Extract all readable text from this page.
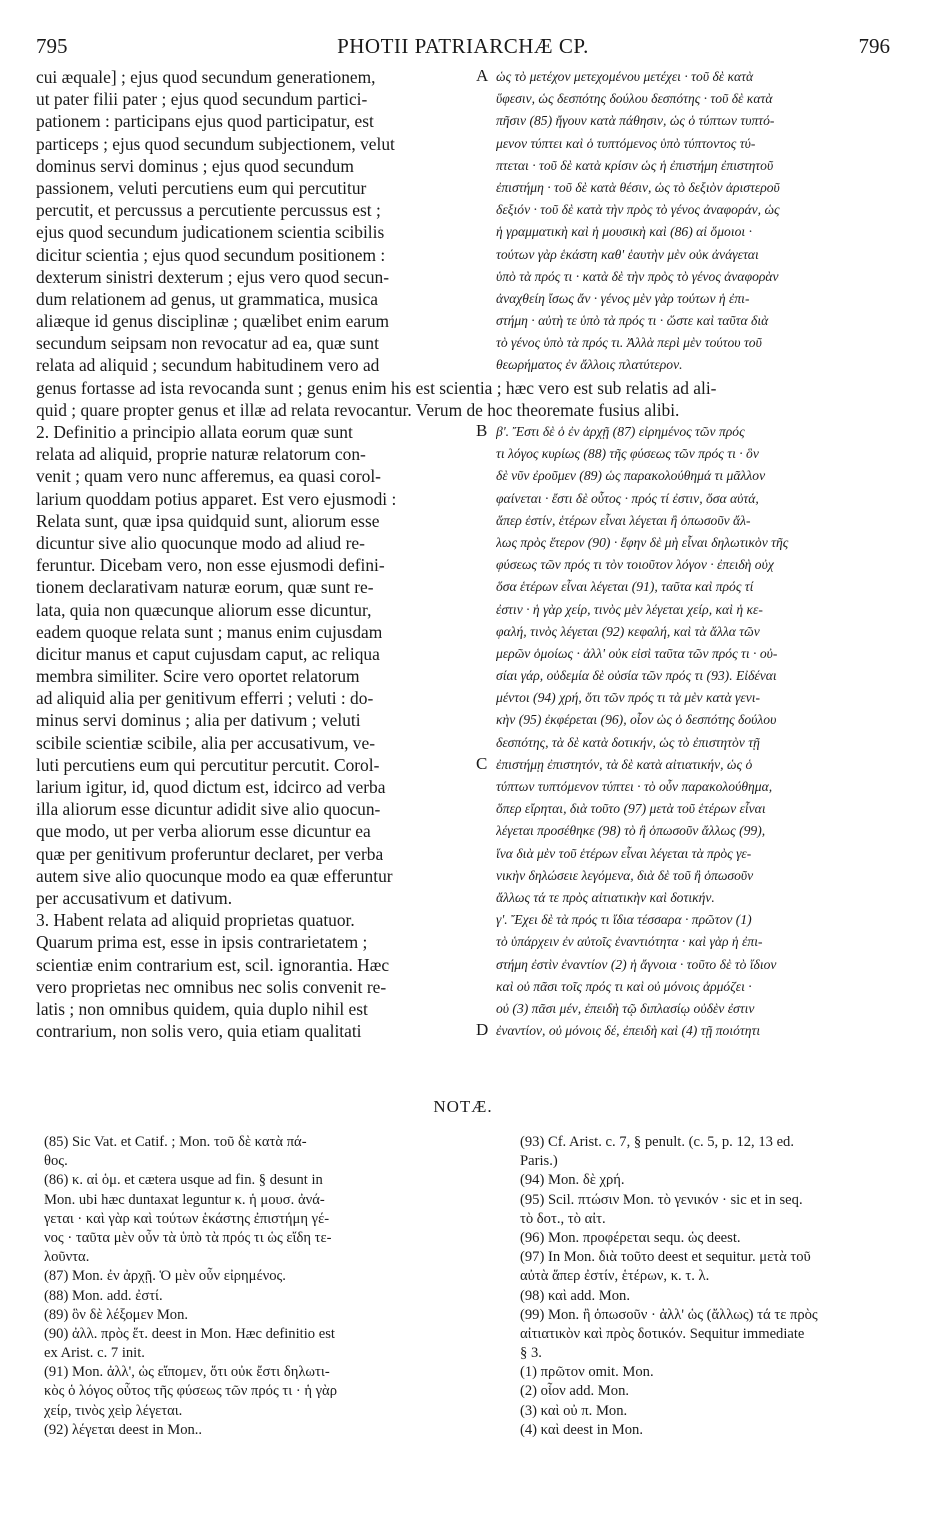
795	PHOTII PATRIARCHÆ CP.	796
cui æquale] ; ejus quod secundum generationem,
ut pater filii pater ; ejus quod secundum partici-
pationem : participans ejus quod participatur, est
particeps ; ejus quod secundum subjectionem, velut
dominus servi dominus ; ejus quod secundum
passionem, veluti percutiens eum qui percutitur
percutit, et percussus a percutiente percussus est ;
ejus quod secundum judicationem scientia scibilis
dicitur scientia ; ejus quod secundum positionem :
dexterum sinistri dexterum ; ejus vero quod secun-
dum relationem ad genus, ut grammatica, musica
aliæque id genus disciplinæ ; quælibet enim earum
secundum seipsam non revocatur ad ea, quæ sunt
relata ad aliquid ; secundum habitudinem vero ad
ὡς τὸ μετέχον μετεχομένου μετέχει · τοῦ δὲ κατὰ
ὕφεσιν, ὡς δεσπότης δούλου δεσπότης · τοῦ δὲ κατὰ
πῆσιν (85) ἤγουν κατὰ πάθησιν, ὡς ὁ τύπτων τυπτό-
μενον τύπτει καὶ ὁ τυπτόμενος ὑπὸ τύπτοντος τύ-
πτεται · τοῦ δὲ κατὰ κρίσιν ὡς ἡ ἐπιστήμη ἐπιστητοῦ
ἐπιστήμη · τοῦ δὲ κατὰ θέσιν, ὡς τὸ δεξιὸν ἀριστεροῦ
δεξιόν · τοῦ δὲ κατὰ τὴν πρὸς τὸ γένος ἀναφοράν, ὡς
ἡ γραμματικὴ καὶ ἡ μουσικὴ καὶ (86) αἱ ὅμοιοι ·
τούτων γὰρ ἑκάστη καθ' ἑαυτὴν μὲν οὐκ ἀνάγεται
ὑπὸ τὰ πρός τι · κατὰ δὲ τὴν πρὸς τὸ γένος ἀναφορὰν
ἀναχθείη ἴσως ἄν · γένος μὲν γὰρ τούτων ἡ ἐπι-
στήμη · αὐτὴ τε ὑπὸ τὰ πρός τι · ὥστε καὶ ταῦτα διὰ
τὸ γένος ὑπὸ τὰ πρός τι. Ἀλλὰ περὶ μὲν τούτου τοῦ
θεωρήματος ἐν ἄλλοις πλατύτερον.
genus fortasse ad ista revocanda sunt ; genus enim his est scientia ; hæc vero est sub relatis ad ali-
quid ; quare propter genus et illæ ad relata revocantur. Verum de hoc theoremate fusius alibi.
2. Definitio a principio allata eorum quæ sunt
relata ad aliquid, proprie naturæ relatorum con-
venit ; quam vero nunc afferemus, ea quasi corol-
larium quoddam potius apparet. Est vero ejusmodi :
Relata sunt, quæ ipsa quidquid sunt, aliorum esse
dicuntur sive alio quocunque modo ad aliud re-
feruntur. Dicebam vero, non esse ejusmodi defini-
tionem declarativam naturæ eorum, quæ sunt re-
lata, quia non quæcunque aliorum esse dicuntur,
eadem quoque relata sunt ; manus enim cujusdam
dicitur manus et caput cujusdam caput, ac reliqua
membra similiter. Scire vero oportet relatorum
ad aliquid alia per genitivum efferri ; veluti : do-
minus servi dominus ; alia per dativum ; veluti
scibile scientiæ scibile, alia per accusativum, ve-
luti percutiens eum qui percutitur percutit. Corol-
larium igitur, id, quod dictum est, idcirco ad verba
illa aliorum esse dicuntur adidit sive alio quocun-
que modo, ut per verba aliorum esse dicuntur ea
quæ per genitivum proferuntur declaret, per verba
autem sive alio quocunque modo ea quæ efferuntur
per accusativum et dativum.
3. Habent relata ad aliquid proprietas quatuor.
Quarum prima est, esse in ipsis contrarietatem ;
scientiæ enim contrarium est, scil. ignorantia. Hæc
vero proprietas nec omnibus nec solis convenit re-
latis ; non omnibus quidem, quia duplo nihil est
contrarium, non solis vero, quia etiam qualitati
β'. Ἔστι δὲ ὁ ἐν ἀρχῇ (87) εἰρημένος τῶν πρός
τι λόγος κυρίως (88) τῆς φύσεως τῶν πρός τι · ὃν
δὲ νῦν ἐροῦμεν (89) ὡς παρακολούθημά τι μᾶλλον
φαίνεται · ἔστι δὲ οὗτος · πρός τί ἐστιν, ὅσα αὐτά,
ἅπερ ἐστίν, ἑτέρων εἶναι λέγεται ἢ ὁπωσοῦν ἄλ-
λως πρὸς ἕτερον (90) · ἔφην δὲ μὴ εἶναι δηλωτικὸν τῆς
φύσεως τῶν πρός τι τὸν τοιοῦτον λόγον · ἐπειδὴ οὐχ
ὅσα ἑτέρων εἶναι λέγεται (91), ταῦτα καὶ πρός τί
ἐστιν · ἡ γὰρ χείρ, τινὸς μὲν λέγεται χείρ, καὶ ἡ κε-
φαλή, τινὸς λέγεται (92) κεφαλή, καὶ τὰ ἄλλα τῶν
μερῶν ὁμοίως · ἀλλ' οὐκ εἰσὶ ταῦτα τῶν πρός τι · οὐ-
σίαι γάρ, οὐδεμία δὲ οὐσία τῶν πρός τι (93). Εἰδέναι
μέντοι (94) χρή, ὅτι τῶν πρός τι τὰ μὲν κατὰ γενι-
κὴν (95) ἐκφέρεται (96), οἷον ὡς ὁ δεσπότης δούλου
δεσπότης, τὰ δὲ κατὰ δοτικήν, ὡς τὸ ἐπιστητὸν τῇ
ἐπιστήμῃ ἐπιστητόν, τὰ δὲ κατὰ αἰτιατικήν, ὡς ὁ
τύπτων τυπτόμενον τύπτει · τὸ οὖν παρακολούθημα,
ὅπερ εἴρηται, διὰ τοῦτο (97) μετὰ τοῦ ἑτέρων εἶναι
λέγεται προσέθηκε (98) τὸ ἢ ὁπωσοῦν ἄλλως (99),
ἵνα διὰ μὲν τοῦ ἑτέρων εἶναι λέγεται τὰ πρὸς γε-
νικὴν δηλώσειε λεγόμενα, διὰ δὲ τοῦ ἢ ὁπωσοῦν
ἄλλως τά τε πρὸς αἰτιατικὴν καὶ δοτικήν.
γ'. Ἔχει δὲ τὰ πρός τι ἴδια τέσσαρα · πρῶτον (1)
τὸ ὑπάρχειν ἐν αὐτοῖς ἐναντιότητα · καὶ γὰρ ἡ ἐπι-
στήμη ἐστὶν ἐναντίον (2) ἡ ἄγνοια · τοῦτο δὲ τὸ ἴδιον
καὶ οὐ πᾶσι τοῖς πρός τι καὶ οὐ μόνοις ἁρμόζει ·
οὐ (3) πᾶσι μέν, ἐπειδὴ τῷ διπλασίῳ οὐδὲν ἐστιν
ἐναντίον, οὐ μόνοις δέ, ἐπειδὴ καὶ (4) τῇ ποιότητι
A
B
C
D
NOTÆ.
(85) Sic Vat. et Catif. ; Mon. τοῦ δὲ κατὰ πά-
θος.
(86) κ. αἱ ὁμ. et cætera usque ad fin. § desunt in
Mon. ubi hæc duntaxat leguntur κ. ἡ μουσ. ἀνά-
γεται · καὶ γὰρ καὶ τούτων ἑκάστης ἐπιστήμη γέ-
νος · ταῦτα μὲν οὖν τὰ ὑπὸ τὰ πρός τι ὡς εἴδη τε-
λοῦντα.
(87) Mon. ἐν ἀρχῇ. Ὁ μὲν οὖν εἰρημένος.
(88) Mon. add. ἐστί.
(89) ὃν δὲ λέξομεν Mon.
(90) ἀλλ. πρὸς ἕτ. deest in Mon. Hæc definitio est
ex Arist. c. 7 init.
(91) Mon. ἀλλ', ὡς εἴπομεν, ὅτι οὐκ ἔστι δηλωτι-
κὸς ὁ λόγος οὗτος τῆς φύσεως τῶν πρός τι · ἡ γὰρ
χείρ, τινὸς χεὶρ λέγεται.
(92) λέγεται deest in Mon..
(93) Cf. Arist. c. 7, § penult. (c. 5, p. 12, 13 ed.
Paris.)
(94) Mon. δὲ χρή.
(95) Scil. πτώσιν Mon. τὸ γενικόν · sic et in seq.
τὸ δοτ., τὸ αἰτ.
(96) Mon. προφέρεται sequ. ὡς deest.
(97) In Mon. διὰ τοῦτο deest et sequitur. μετὰ τοῦ
αὐτὰ ἅπερ ἐστίν, ἑτέρων, κ. τ. λ.
(98) καὶ add. Mon.
(99) Mon. ἢ ὁπωσοῦν · ἀλλ' ὡς (ἄλλως) τά τε πρὸς
αἰτιατικὸν καὶ πρὸς δοτικόν. Sequitur immediate
§ 3.
(1) πρῶτον omit. Mon.
(2) οἷον add. Mon.
(3) καὶ οὐ π. Mon.
(4) καὶ deest in Mon.
